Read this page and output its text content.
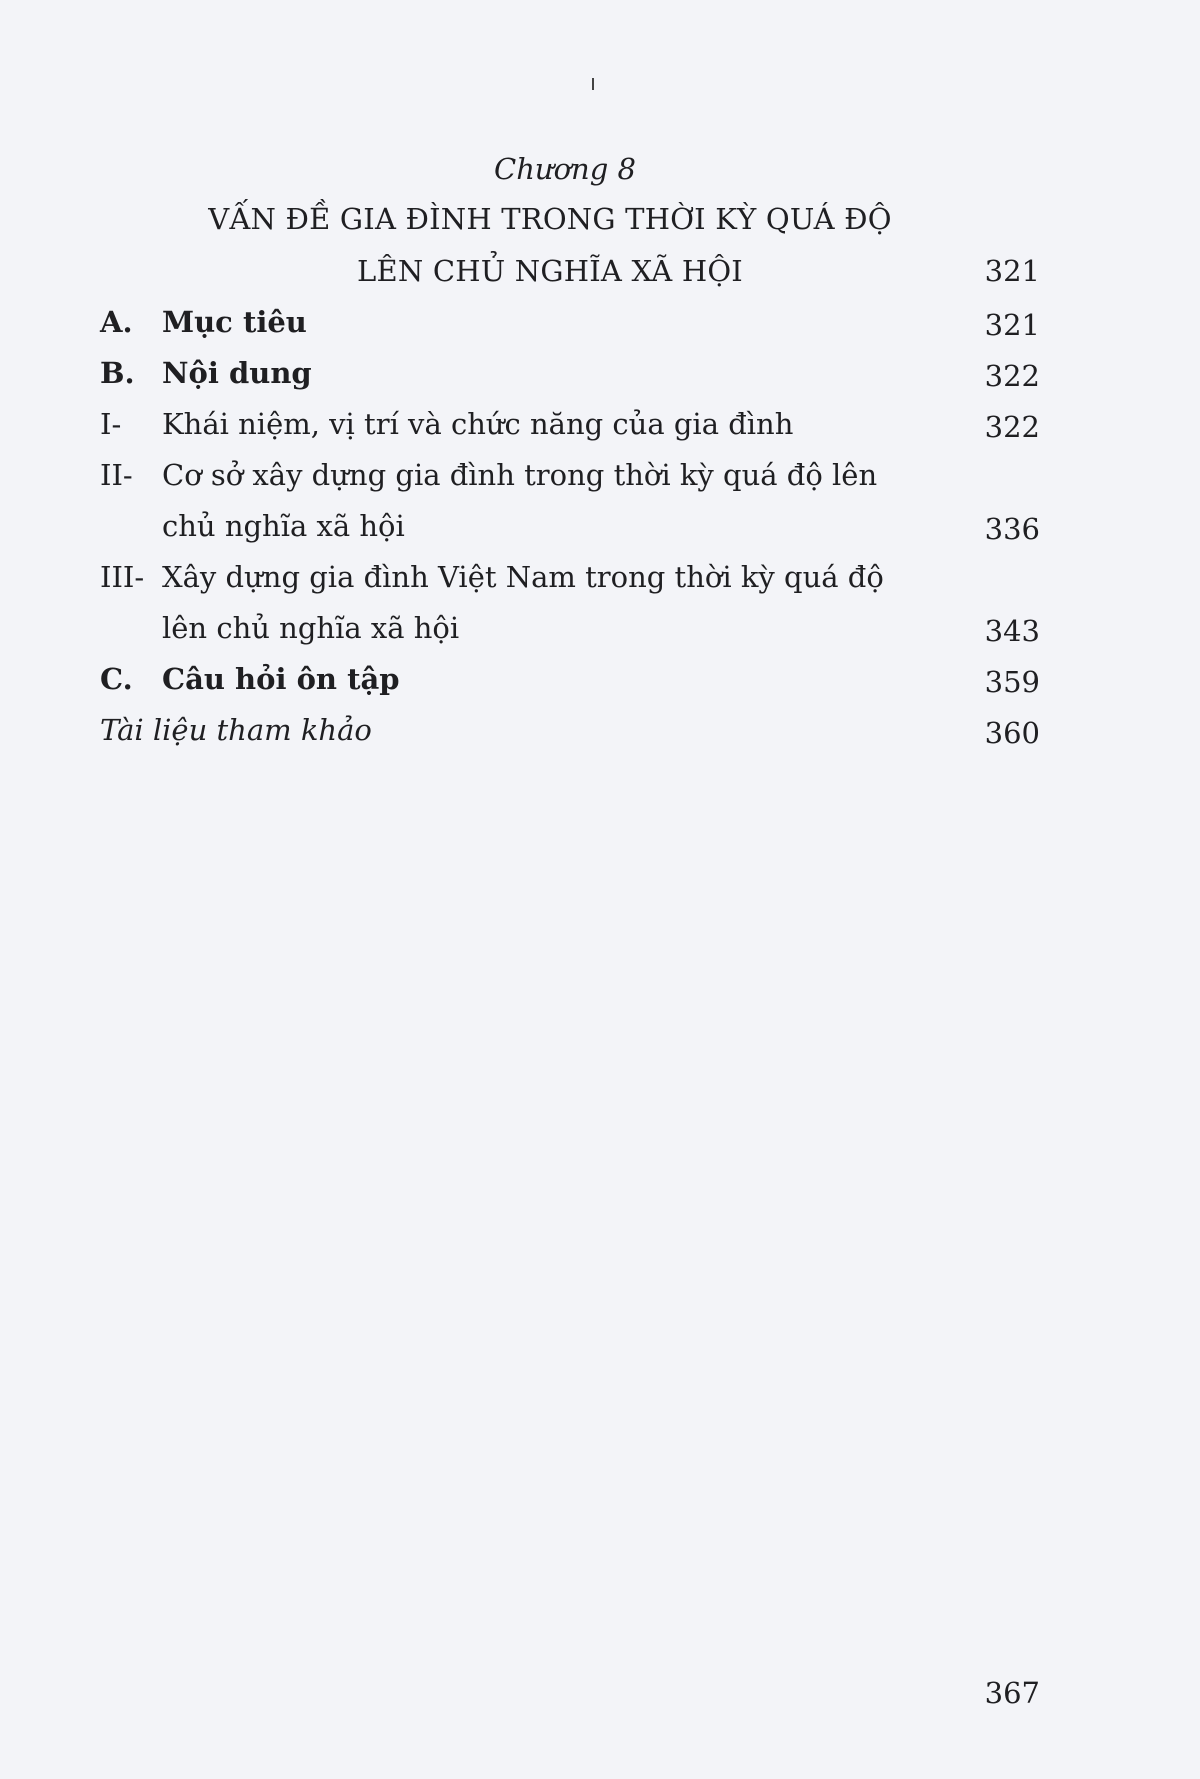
Chương 8
VẤN ĐỀ GIA ĐÌNH TRONG THỜI KỲ QUÁ ĐỘ
LÊN CHỦ NGHĨA XÃ HỘI	321
A. Mục tiêu	321
B. Nội dung	322
I- Khái niệm, vị trí và chức năng của gia đình	322
II- Cơ sở xây dựng gia đình trong thời kỳ quá độ lên
chủ nghĩa xã hội	336
III- Xây dựng gia đình Việt Nam trong thời kỳ quá độ
lên chủ nghĩa xã hội	343
C. Câu hỏi ôn tập	359
Tài liệu tham khảo	360
367
